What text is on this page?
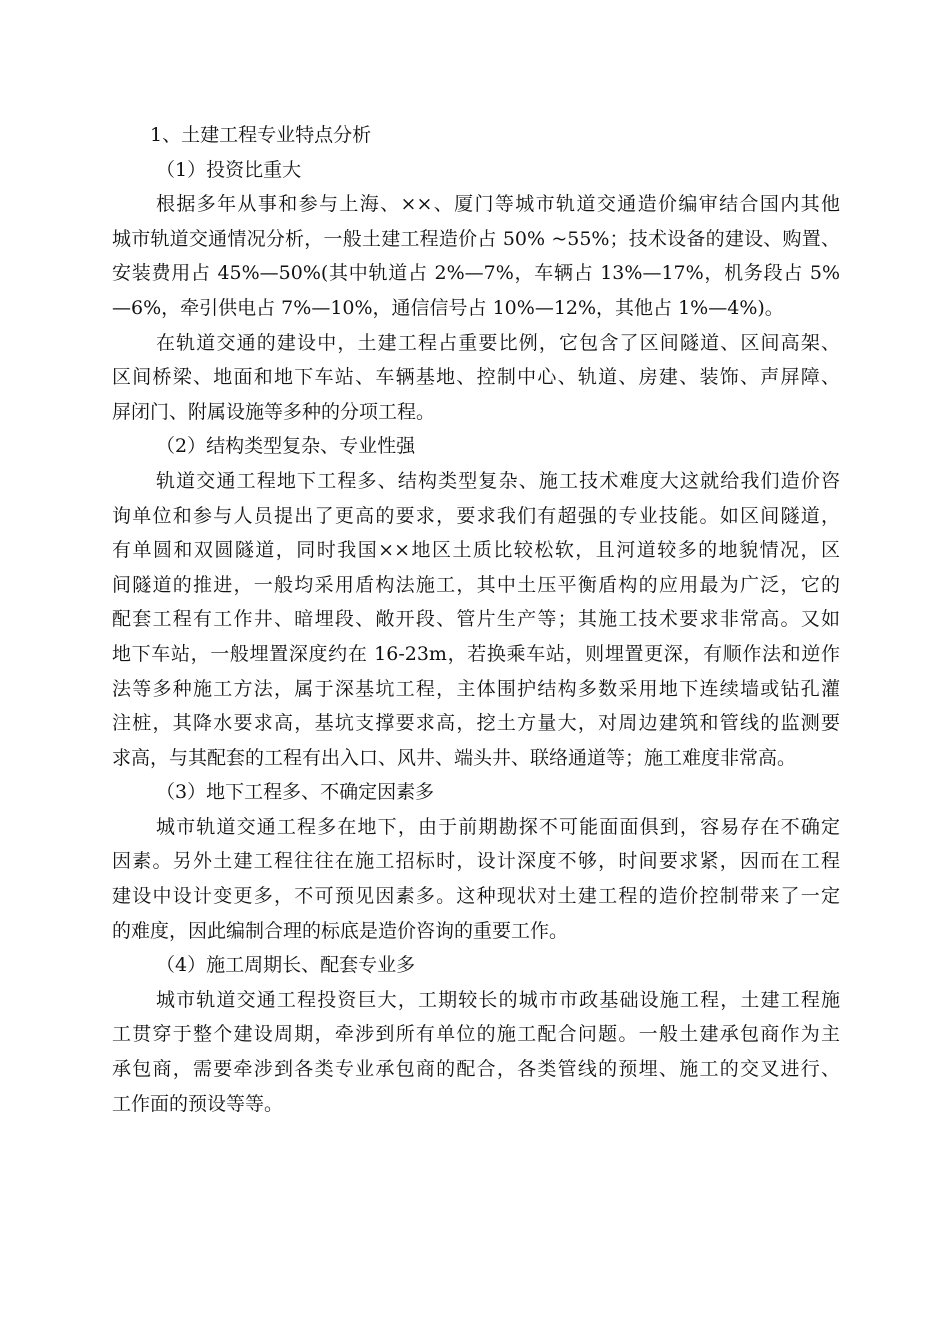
1、土建工程专业特点分析
（1）投资比重大
根据多年从事和参与上海、××、厦门等城市轨道交通造价编审结合国内其他
城市轨道交通情况分析，一般土建工程造价占 50% ~55%；技术设备的建设、购置、
安装费用占 45%—50%(其中轨道占 2%—7%，车辆占 13%—17%，机务段占 5%
—6%，牵引供电占 7%—10%，通信信号占 10%—12%，其他占 1%—4%)。
在轨道交通的建设中，土建工程占重要比例，它包含了区间隧道、区间高架、
区间桥梁、地面和地下车站、车辆基地、控制中心、轨道、房建、装饰、声屏障、
屏闭门、附属设施等多种的分项工程。
（2）结构类型复杂、专业性强
轨道交通工程地下工程多、结构类型复杂、施工技术难度大这就给我们造价咨
询单位和参与人员提出了更高的要求，要求我们有超强的专业技能。如区间隧道，
有单圆和双圆隧道，同时我国××地区土质比较松软，且河道较多的地貌情况，区
间隧道的推进，一般均采用盾构法施工，其中土压平衡盾构的应用最为广泛，它的
配套工程有工作井、暗埋段、敞开段、管片生产等；其施工技术要求非常高。又如
地下车站，一般埋置深度约在 16-23m，若换乘车站，则埋置更深，有顺作法和逆作
法等多种施工方法，属于深基坑工程，主体围护结构多数采用地下连续墙或钻孔灌
注桩，其降水要求高，基坑支撑要求高，挖土方量大，对周边建筑和管线的监测要
求高，与其配套的工程有出入口、风井、端头井、联络通道等；施工难度非常高。
（3）地下工程多、不确定因素多
城市轨道交通工程多在地下，由于前期勘探不可能面面俱到，容易存在不确定
因素。另外土建工程往往在施工招标时，设计深度不够，时间要求紧，因而在工程
建设中设计变更多，不可预见因素多。这种现状对土建工程的造价控制带来了一定
的难度，因此编制合理的标底是造价咨询的重要工作。
（4）施工周期长、配套专业多
城市轨道交通工程投资巨大，工期较长的城市市政基础设施工程，土建工程施
工贯穿于整个建设周期，牵涉到所有单位的施工配合问题。一般土建承包商作为主
承包商，需要牵涉到各类专业承包商的配合，各类管线的预埋、施工的交叉进行、
工作面的预设等等。
